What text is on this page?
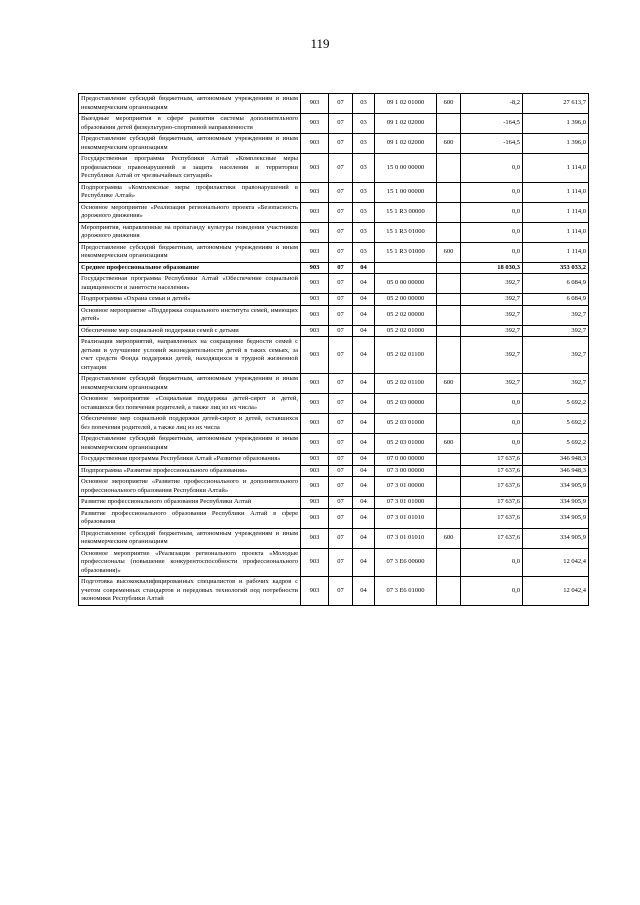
119
Предоставление субсидий бюджетным, автономным учреждениям и иным некоммерческим организациям	903	07	03	09 1 02 01000	600	-8,2	27 613,7
Выездные мероприятия в сфере развития системы дополнительного образования детей физкультурно-спортивной направленности	903	07	03	09 1 02 02000		-164,5	1 396,0
Предоставление субсидий бюджетным, автономным учреждениям и иным некоммерческим организациям	903	07	03	09 1 02 02000	600	-164,5	1 396,0
Государственная программа Республики Алтай «Комплексные меры профилактики правонарушений и защита населения и территории Республики Алтай от чрезвычайных ситуаций»	903	07	03	15 0 00 00000		0,0	1 114,0
Подпрограмма «Комплексные меры профилактики правонарушений в Республике Алтай»	903	07	03	15 1 00 00000		0,0	1 114,0
Основное мероприятие «Реализация регионального проекта «Безопасность дорожного движения»	903	07	03	15 1 R3 00000		0,0	1 114,0
Мероприятия, направленные на пропаганду культуры поведения участников дорожного движения	903	07	03	15 1 R3 01000		0,0	1 114,0
Предоставление субсидий бюджетным, автономным учреждениям и иным некоммерческим организациям	903	07	03	15 1 R3 01000	600	0,0	1 114,0
Среднее профессиональное образование	903	07	04			18 030,3	353 033,2
Государственная программа Республики Алтай «Обеспечение социальной защищенности и занятости населения»	903	07	04	05 0 00 00000		392,7	6 084,9
Подпрограмма «Охрана семьи и детей»	903	07	04	05 2 00 00000		392,7	6 084,9
Основное мероприятие «Поддержка социального института семей, имеющих детей»	903	07	04	05 2 02 00000		392,7	392,7
Обеспечение мер социальной поддержки семей с детьми	903	07	04	05 2 02 01000		392,7	392,7
Реализация мероприятий, направленных на сокращение бедности семей с детьми и улучшение условий жизнедеятельности детей в таких семьях, за счет средств Фонда поддержки детей, находящихся в трудной жизненной ситуации	903	07	04	05 2 02 01100		392,7	392,7
Предоставление субсидий бюджетным, автономным учреждениям и иным некоммерческим организациям	903	07	04	05 2 02 01100	600	392,7	392,7
Основное мероприятие «Социальная поддержка детей-сирот и детей, оставшихся без попечения родителей, а также лиц из их числа»	903	07	04	05 2 03 00000		0,0	5 692,2
Обеспечение мер социальной поддержки детей-сирот и детей, оставшихся без попечения родителей, а также лиц из их числа	903	07	04	05 2 03 01000		0,0	5 692,2
Предоставление субсидий бюджетным, автономным учреждениям и иным некоммерческим организациям	903	07	04	05 2 03 01000	600	0,0	5 692,2
Государственная программа Республики Алтай «Развитие образования»	903	07	04	07 0 00 00000		17 637,6	346 948,3
Подпрограмма «Развитие профессионального образования»	903	07	04	07 3 00 00000		17 637,6	346 948,3
Основное мероприятие «Развитие профессионального и дополнительного профессионального образования Республики Алтай»	903	07	04	07 3 01 00000		17 637,6	334 905,9
Развитие профессионального образования Республики Алтай	903	07	04	07 3 01 01000		17 637,6	334 905,9
Развитие профессионального образования Республики Алтай в сфере образования	903	07	04	07 3 01 01010		17 637,6	334 905,9
Предоставление субсидий бюджетным, автономным учреждениям и иным некоммерческим организациям	903	07	04	07 3 01 01010	600	17 637,6	334 905,9
Основное мероприятие «Реализация регионального проекта «Молодые профессионалы (повышение конкурентоспособности профессионального образования)»	903	07	04	07 3 E6 00000		0,0	12 042,4
Подготовка высококвалифицированных специалистов и рабочих кадров с учетом современных стандартов и передовых технологий под потребности экономики Республики Алтай	903	07	04	07 3 E6 01000		0,0	12 042,4
